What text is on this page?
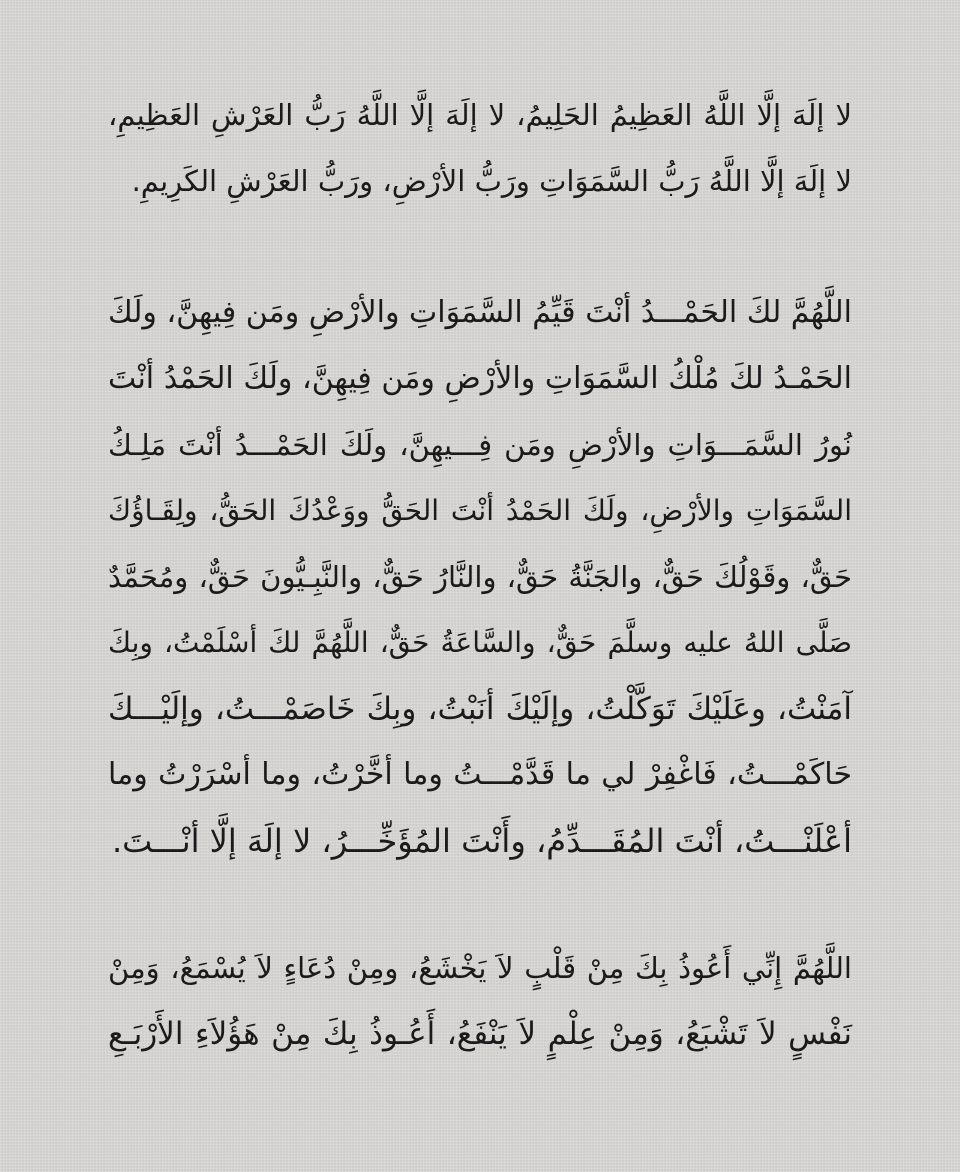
لا إلَهَ إلَّا اللَّهُ العَظِيمُ الحَلِيمُ، لا إلَهَ إلَّا اللَّهُ رَبُّ العَرْشِ العَظِيمِ،
لا إلَهَ إلَّا اللَّهُ رَبُّ السَّمَوَاتِ ورَبُّ الأرْضِ، ورَبُّ العَرْشِ الكَرِيمِ.
اللَّهُمَّ لكَ الحَمْـــدُ أنْتَ قَيِّمُ السَّمَوَاتِ والأرْضِ ومَن فِيهِنَّ، ولَكَ
الحَمْـدُ لكَ مُلْكُ السَّمَوَاتِ والأرْضِ ومَن فِيهِنَّ، ولَكَ الحَمْدُ أنْتَ
نُورُ السَّمَـــوَاتِ والأرْضِ ومَن فِـــيهِنَّ، ولَكَ الحَمْـــدُ أنْتَ مَلِـكُ
السَّمَوَاتِ والأرْضِ، ولَكَ الحَمْدُ أنْتَ الحَقُّ ووَعْدُكَ الحَقُّ، ولِقَـاؤُكَ
حَقٌّ، وقَوْلُكَ حَقٌّ، والجَنَّةُ حَقٌّ، والنَّارُ حَقٌّ، والنَّبِـيُّونَ حَقٌّ، ومُحَمَّدٌ
صَلَّى اللهُ عليه وسلَّمَ حَقٌّ، والسَّاعَةُ حَقٌّ، اللَّهُمَّ لكَ أسْلَمْتُ، وبِكَ
آمَنْتُ، وعَلَيْكَ تَوَكَّلْتُ، وإلَيْكَ أنَبْتُ، وبِكَ خَاصَمْـــتُ، وإلَيْـــكَ
حَاكَمْـــتُ، فَاغْفِرْ لي ما قَدَّمْـــتُ وما أخَّرْتُ، وما أسْرَرْتُ وما
أعْلَنْـــتُ، أنْتَ المُقَـــدِّمُ، وأَنْتَ المُؤَخِّـــرُ، لا إلَهَ إلَّا أنْـــتَ.
اللَّهُمَّ إِنِّي أَعُوذُ بِكَ مِنْ قَلْبٍ لاَ يَخْشَعُ، ومِنْ دُعَاءٍ لاَ يُسْمَعُ، وَمِنْ
نَفْسٍ لاَ تَشْبَعُ، وَمِنْ عِلْمٍ لاَ يَنْفَعُ، أَعُـوذُ بِكَ مِنْ هَؤُلاَءِ الأَرْبَـعِ
